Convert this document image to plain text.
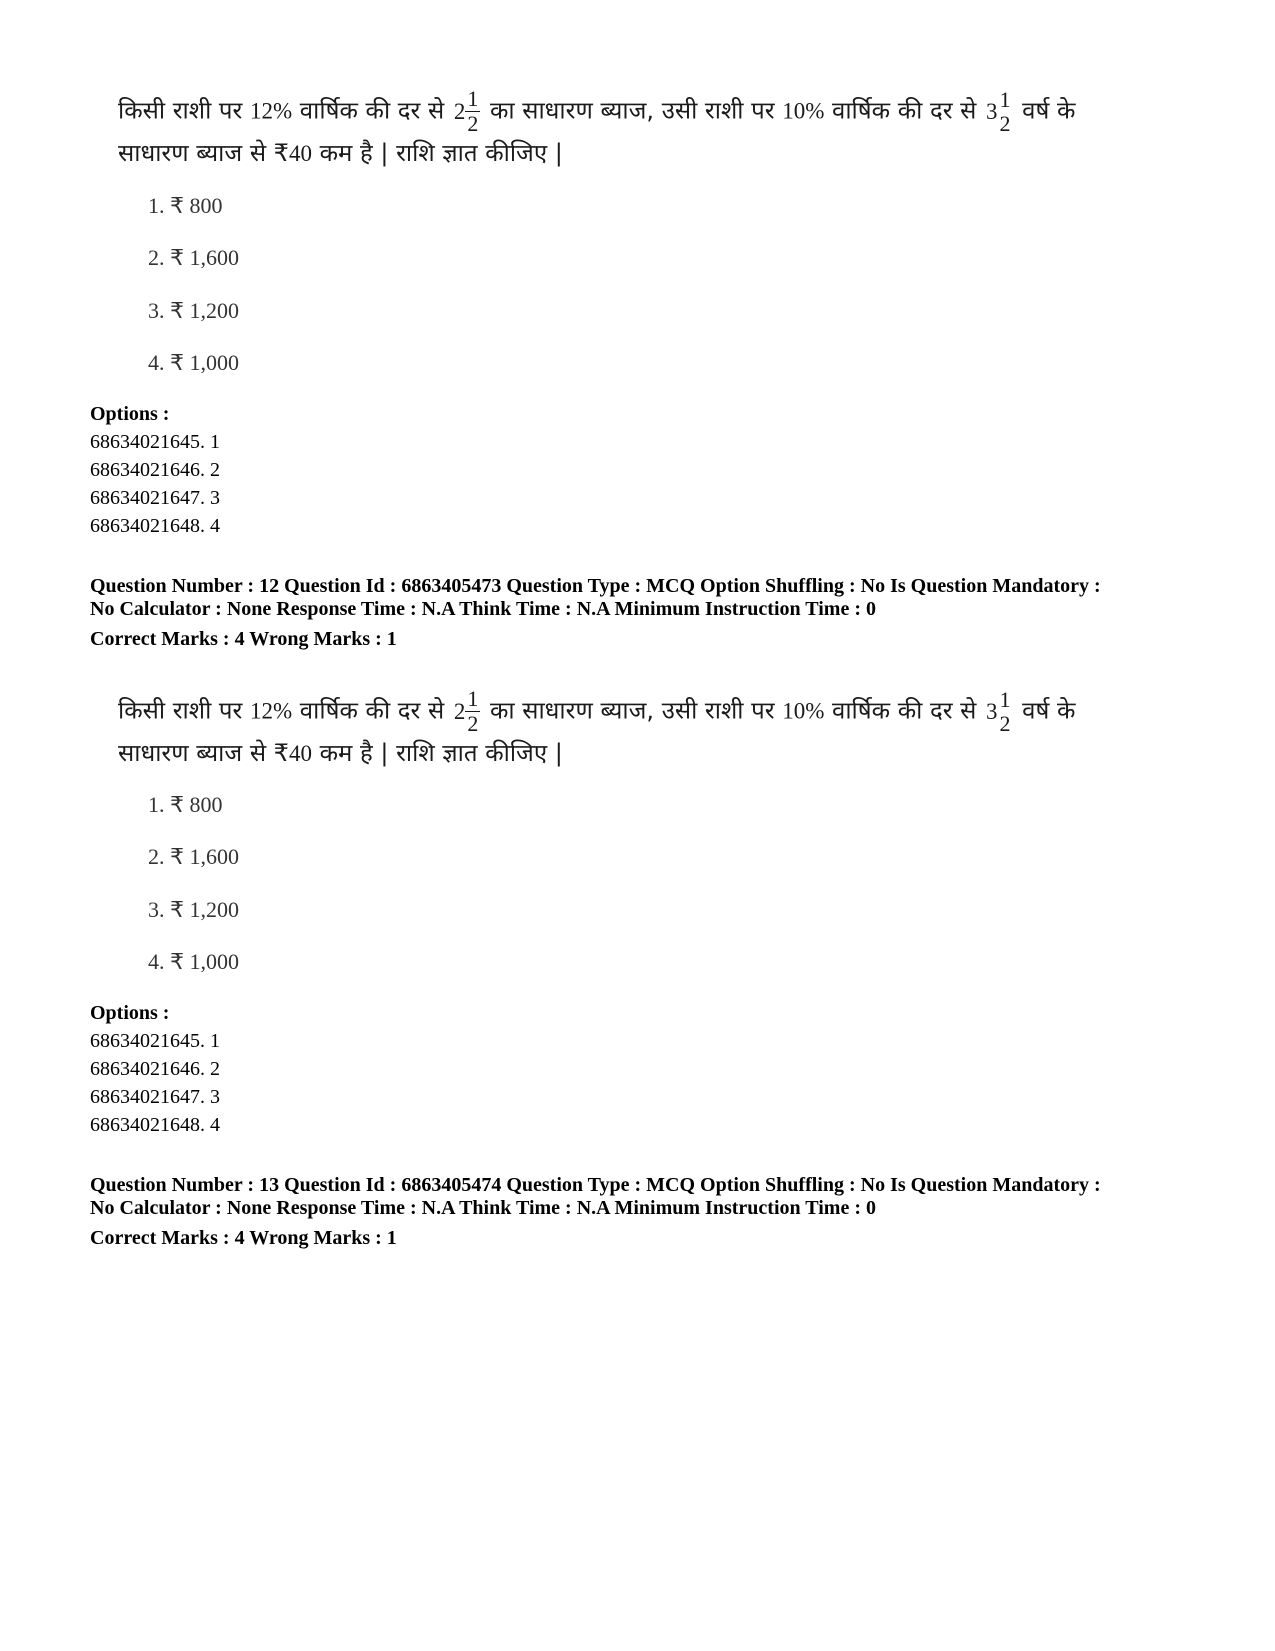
किसी राशी पर 12% वार्षिक की दर से $2 \frac{1}{2}$ का साधारण ब्याज, उसी राशी पर 10% वार्षिक की दर से 3 1
2 वर्ष के
साधारण ब्याज से ₹40 कम है | राशि ज्ञात कीजिए |
1. ₹ 800
2. ₹ 1,600
3. ₹ 1,200
4. ₹ 1,000
Options :
68634021645. 1
68634021646. 2
68634021647. 3
68634021648. 4
Question Number : 12 Question Id : 6863405473 Question Type : MCQ Option Shuffling : No Is Question Mandatory :
No Calculator : None Response Time : N.A Think Time : N.A Minimum Instruction Time : 0
Correct Marks : 4 Wrong Marks : 1
किसी राशी पर 12% वार्षिक की दर से $2 \frac{1}{2}$ का साधारण ब्याज, उसी राशी पर 10% वार्षिक की दर से 3 1
2 वर्ष के
साधारण ब्याज से ₹40 कम है | राशि ज्ञात कीजिए |
1. ₹ 800
2. ₹ 1,600
3. ₹ 1,200
4. ₹ 1,000
Options :
68634021645. 1
68634021646. 2
68634021647. 3
68634021648. 4
Question Number : 13 Question Id : 6863405474 Question Type : MCQ Option Shuffling : No Is Question Mandatory :
No Calculator : None Response Time : N.A Think Time : N.A Minimum Instruction Time : 0
Correct Marks : 4 Wrong Marks : 1
